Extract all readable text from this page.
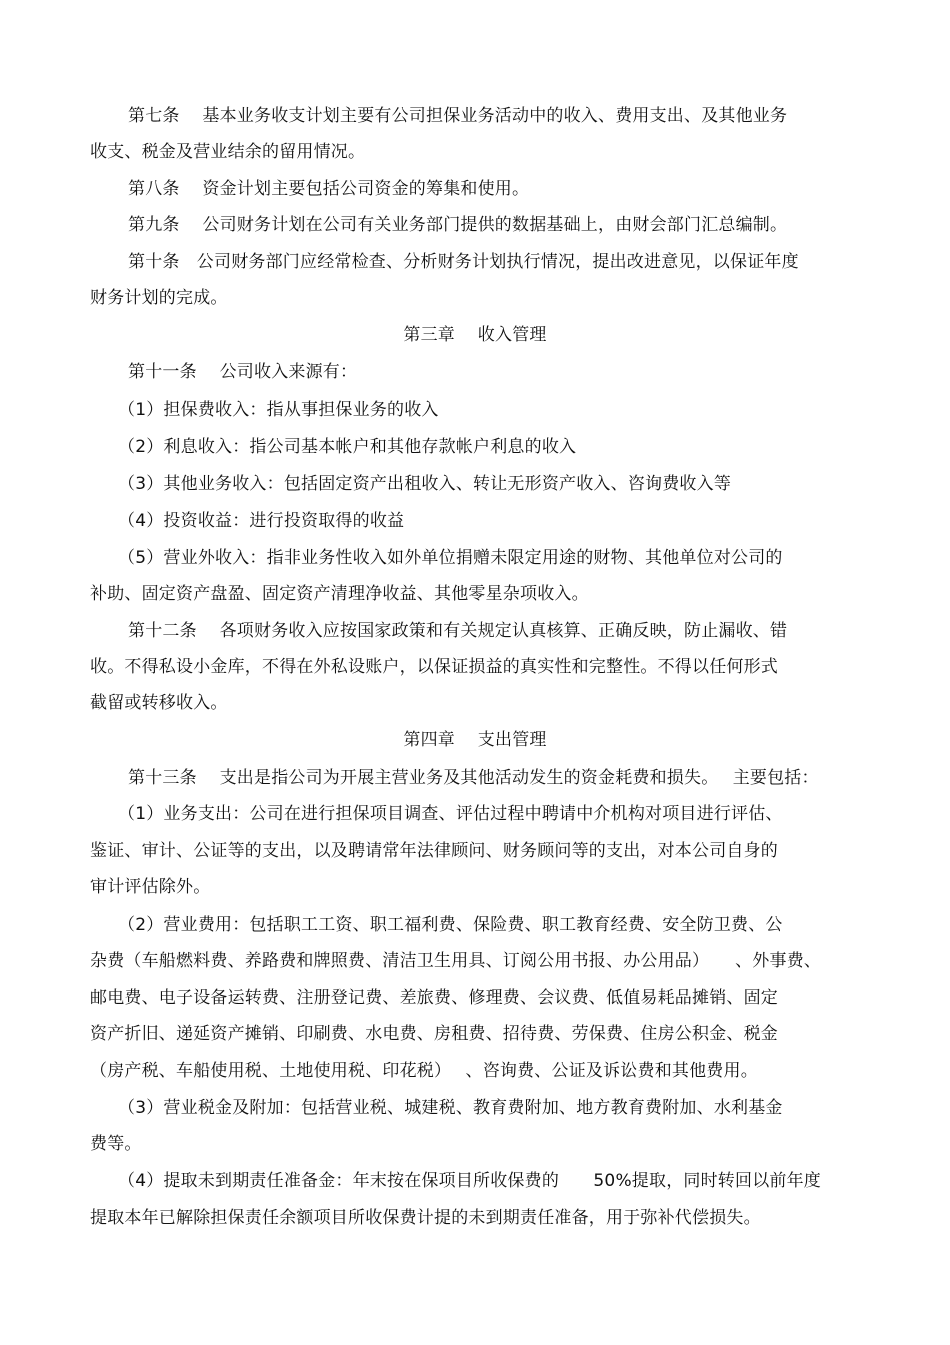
第七条　 基本业务收支计划主要有公司担保业务活动中的收入、费用支出、及其他业务
收支、税金及营业结余的留用情况。
第八条　 资金计划主要包括公司资金的筹集和使用。
第九条　 公司财务计划在公司有关业务部门提供的数据基础上，由财会部门汇总编制。
第十条　公司财务部门应经常检查、分析财务计划执行情况，提出改进意见，以保证年度
财务计划的完成。
第三章　 收入管理
第十一条　 公司收入来源有：
（1）担保费收入：指从事担保业务的收入
（2）利息收入：指公司基本帐户和其他存款帐户利息的收入
（3）其他业务收入：包括固定资产出租收入、转让无形资产收入、咨询费收入等
（4）投资收益：进行投资取得的收益
（5）营业外收入：指非业务性收入如外单位捐赠未限定用途的财物、其他单位对公司的
补助、固定资产盘盈、固定资产清理净收益、其他零星杂项收入。
第十二条　 各项财务收入应按国家政策和有关规定认真核算、正确反映，防止漏收、错
收。不得私设小金库，不得在外私设账户，以保证损益的真实性和完整性。不得以任何形式
截留或转移收入。
第四章　 支出管理
第十三条　 支出是指公司为开展主营业务及其他活动发生的资金耗费和损失。　 主要包括：
（1）业务支出：公司在进行担保项目调查、评估过程中聘请中介机构对项目进行评估、
鉴证、审计、公证等的支出，以及聘请常年法律顾问、财务顾问等的支出，对本公司自身的
审计评估除外。
（2）营业费用：包括职工工资、职工福利费、保险费、职工教育经费、安全防卫费、公
杂费（车船燃料费、养路费和牌照费、清洁卫生用具、订阅公用书报、办公用品）　　、外事费、
邮电费、电子设备运转费、注册登记费、差旅费、修理费、会议费、低值易耗品摊销、固定
资产折旧、递延资产摊销、印刷费、水电费、房租费、招待费、劳保费、住房公积金、税金
（房产税、车船使用税、土地使用税、印花税）　 、咨询费、公证及诉讼费和其他费用。
（3）营业税金及附加：包括营业税、城建税、教育费附加、地方教育费附加、水利基金
费等。
（4）提取未到期责任准备金：年末按在保项目所收保费的　　50%提取，同时转回以前年度
提取本年已解除担保责任余额项目所收保费计提的未到期责任准备，用于弥补代偿损失。
